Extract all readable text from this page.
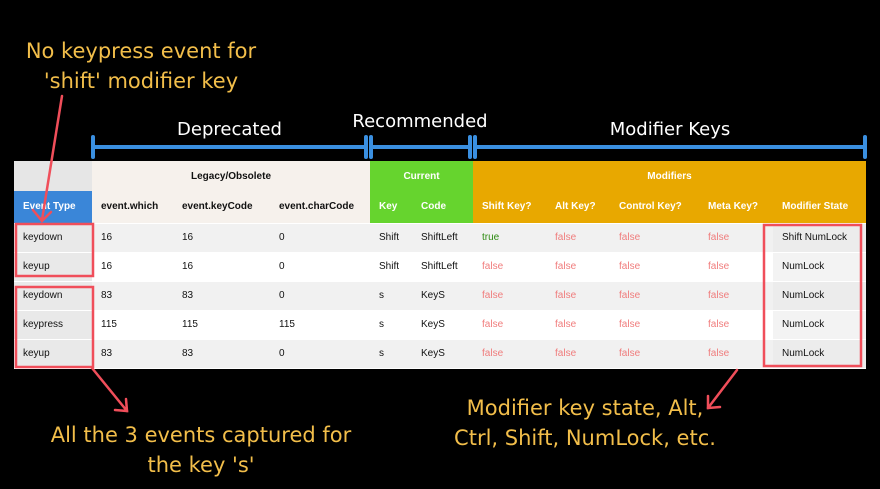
No keypress event for
'shift' modifier key
All the 3 events captured for
the key 's'
Modifier key state, Alt,
Ctrl, Shift, NumLock, etc.
Deprecated	Recommended	Modifier Keys
	Legacy/Obsolete			Current		Modifiers				
Event Type	event.which	event.keyCode	event.charCode	Key	Code	Shift Key?	Alt Key?	Control Key?	Meta Key?	Modifier State
keydown	16	16	0	Shift	ShiftLeft	true	false	false	false	Shift NumLock
keyup	16	16	0	Shift	ShiftLeft	false	false	false	false	NumLock
keydown	83	83	0	s	KeyS	false	false	false	false	NumLock
keypress	115	115	115	s	KeyS	false	false	false	false	NumLock
keyup	83	83	0	s	KeyS	false	false	false	false	NumLock
